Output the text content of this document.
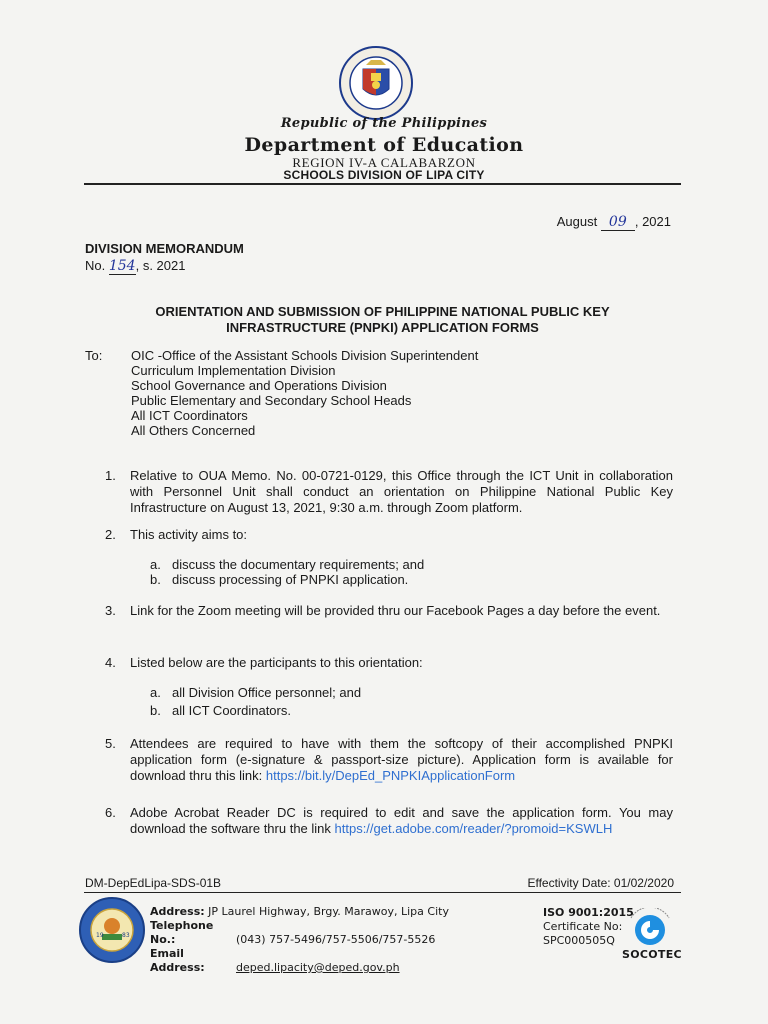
Republic of the Philippines
Department of Education
REGION IV-A CALABARZON
SCHOOLS DIVISION OF LIPA CITY
August 09 , 2021
DIVISION MEMORANDUM
No. 154, s. 2021
ORIENTATION AND SUBMISSION OF PHILIPPINE NATIONAL PUBLIC KEY
INFRASTRUCTURE (PNPKI) APPLICATION FORMS
To: OIC -Office of the Assistant Schools Division Superintendent
Curriculum Implementation Division
School Governance and Operations Division
Public Elementary and Secondary School Heads
All ICT Coordinators
All Others Concerned
1. Relative to OUA Memo. No. 00-0721-0129, this Office through the ICT Unit in collaboration with Personnel Unit shall conduct an orientation on Philippine National Public Key Infrastructure on August 13, 2021, 9:30 a.m. through Zoom platform.
2. This activity aims to:
a. discuss the documentary requirements; and
b. discuss processing of PNPKI application.
3. Link for the Zoom meeting will be provided thru our Facebook Pages a day before the event.
4. Listed below are the participants to this orientation:
a. all Division Office personnel; and
b. all ICT Coordinators.
5. Attendees are required to have with them the softcopy of their accomplished PNPKI application form (e-signature & passport-size picture). Application form is available for download thru this link: https://bit.ly/DepEd_PNPKIApplicationForm
6. Adobe Acrobat Reader DC is required to edit and save the application form. You may download the software thru the link https://get.adobe.com/reader/?promoid=KSWLH
DM-DepEdLipa-SDS-01B	Effectivity Date: 01/02/2020
19	83
Address: JP Laurel Highway, Brgy. Marawoy, Lipa City
Telephone No.:	(043) 757-5496/757-5506/757-5526
Email Address:	deped.lipacity@deped.gov.ph
ISO 9001:2015
Certificate No:
SPC000505Q
SOCOTEC
